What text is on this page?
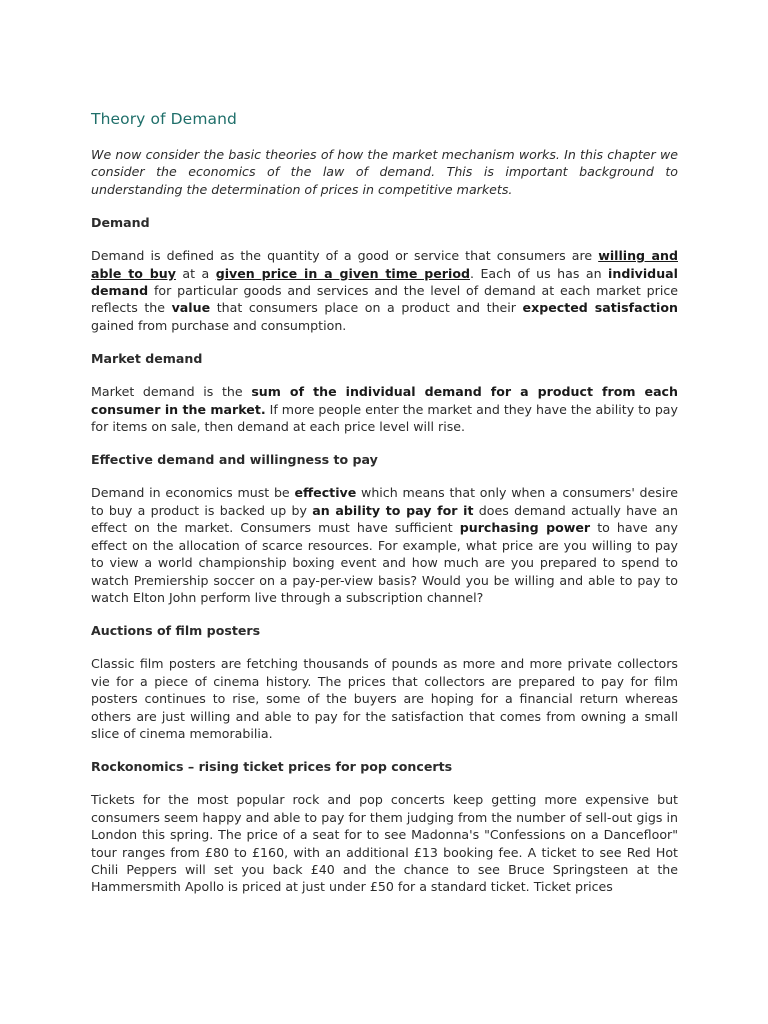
Theory of Demand

We now consider the basic theories of how the market mechanism works. In this chapter we consider the economics of the law of demand. This is important background to understanding the determination of prices in competitive markets.

Demand

Demand is defined as the quantity of a good or service that consumers are willing and able to buy at a given price in a given time period. Each of us has an individual demand for particular goods and services and the level of demand at each market price reflects the value that consumers place on a product and their expected satisfaction gained from purchase and consumption.

Market demand

Market demand is the sum of the individual demand for a product from each consumer in the market. If more people enter the market and they have the ability to pay for items on sale, then demand at each price level will rise.

Effective demand and willingness to pay

Demand in economics must be effective which means that only when a consumers' desire to buy a product is backed up by an ability to pay for it does demand actually have an effect on the market. Consumers must have sufficient purchasing power to have any effect on the allocation of scarce resources. For example, what price are you willing to pay to view a world championship boxing event and how much are you prepared to spend to watch Premiership soccer on a pay-per-view basis? Would you be willing and able to pay to watch Elton John perform live through a subscription channel?

Auctions of film posters

Classic film posters are fetching thousands of pounds as more and more private collectors vie for a piece of cinema history. The prices that collectors are prepared to pay for film posters continues to rise, some of the buyers are hoping for a financial return whereas others are just willing and able to pay for the satisfaction that comes from owning a small slice of cinema memorabilia.

Rockonomics – rising ticket prices for pop concerts

Tickets for the most popular rock and pop concerts keep getting more expensive but consumers seem happy and able to pay for them judging from the number of sell-out gigs in London this spring. The price of a seat for to see Madonna's "Confessions on a Dancefloor" tour ranges from £80 to £160, with an additional £13 booking fee. A ticket to see Red Hot Chili Peppers will set you back £40 and the chance to see Bruce Springsteen at the Hammersmith Apollo is priced at just under £50 for a standard ticket. Ticket prices
